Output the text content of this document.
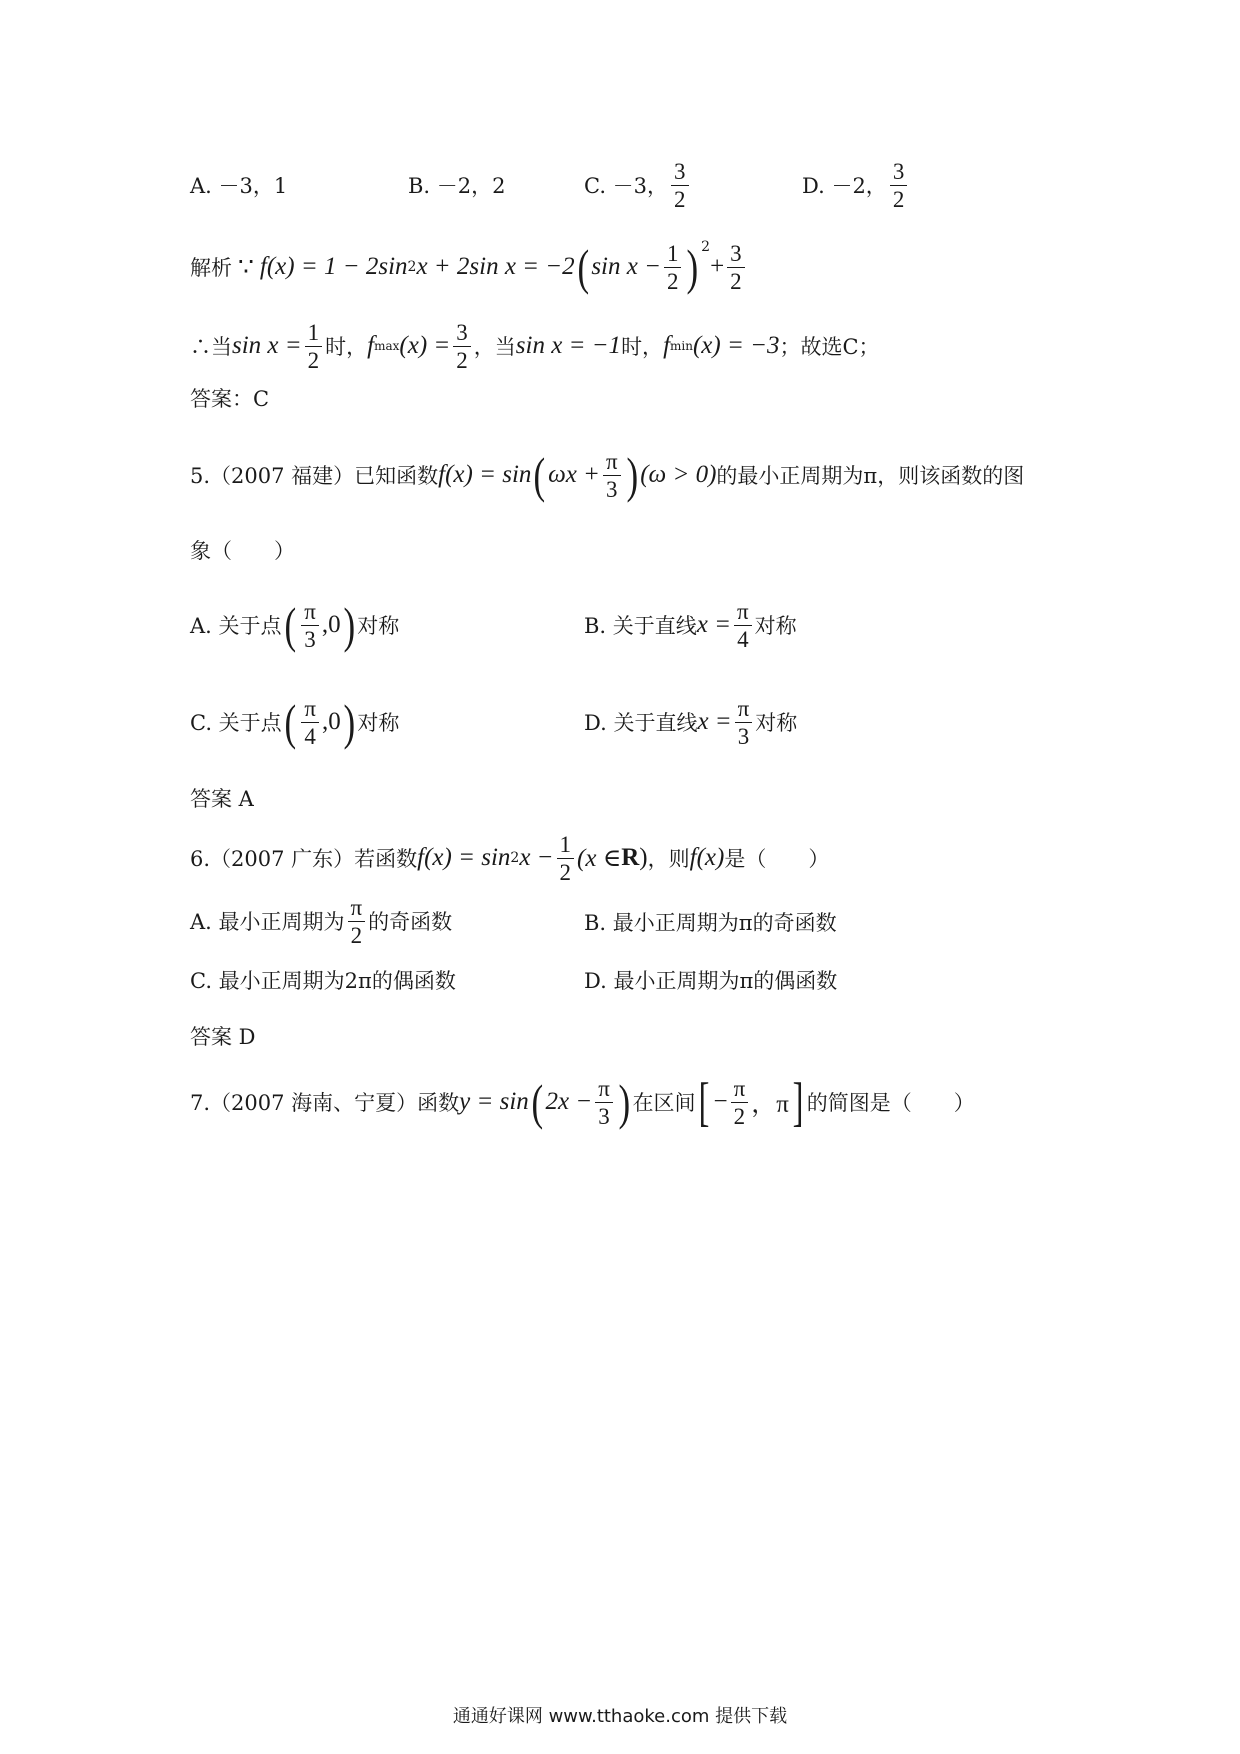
A. －3，1	B. －2，2	C. －3， $\frac{3}{2}$	D. －2， $\frac{3}{2}$
解析 ∵ f(x) = 1 − 2sin 2 x + 2sin x = −2 ( $\sin x - \frac{1}{2} )^2$
+ $\frac{3}{2}$
∴当 $\sin x = \frac{1}{2}$ 时， f $\max (x) = \frac{3}{2}$ ，当 sin x = −1 时， f min (x) = −3 ；故选C；
答案：C
5.（2007 福建）已知函数 f(x) = sin ( $\omega x + \frac{\pi}{3}$ ) (ω > 0) 的最小正周期为π，则该函数的图
象（　　）
A. 关于点 ( $\frac{\pi}{3} ,0$ ) 对称	B. 关于直线 $x = \frac{\pi}{4}$ 对称
C. 关于点 ( $\frac{\pi}{4} ,0$ ) 对称	D. 关于直线 $x = \frac{\pi}{3}$ 对称
答案 A
6.（2007 广东）若函数 f(x) = sin 2 $x - \frac{1}{2} (x$ ∈ R ) ，则 f(x) 是（　　）
A. 最小正周期为 $\frac{\pi}{2}$ 的奇函数	B. 最小正周期为π的奇函数
C. 最小正周期为2π的偶函数	D. 最小正周期为π的偶函数
答案 D
7.（2007 海南、宁夏）函数 y = sin ( $2x - \frac{\pi}{3}$ ) 在区间 [ − $\frac{\pi}{2}$ ，π ] 的简图是（　　）
通通好课网 www.tthaoke.com 提供下载
